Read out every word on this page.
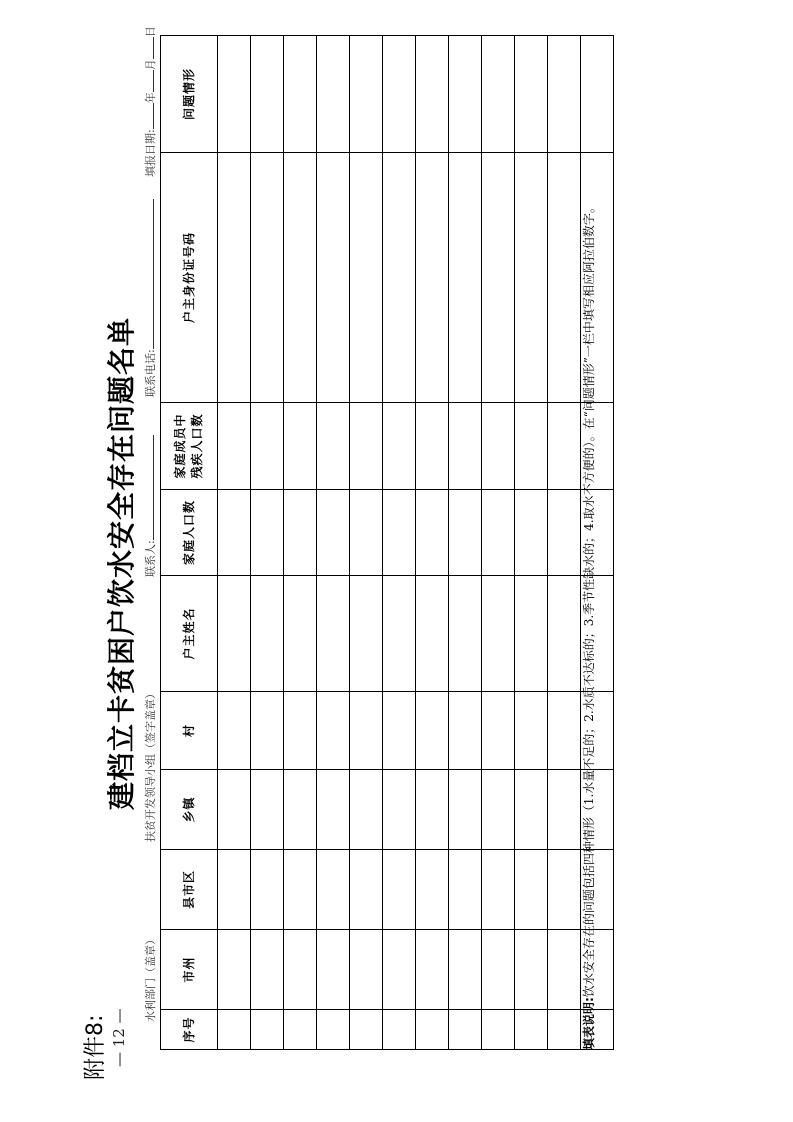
附件8: — 12 —
建档立卡贫困户饮水安全存在问题名单
水利部门（盖章）
扶贫开发领导小组（签字盖章）
联系人:
联系电话:
填报日期:年月日
序号	市州	县市区	乡镇	村	户主姓名	家庭人口数	家庭成员中残疾人口数	户主身份证号码	问题情形

填表说明:饮水安全存在的问题包括四种情形（1.水量不足的；2.水质不达标的；3.季节性缺水的；4.取水不方便的）。在“问题情形”一栏中填写相应阿拉伯数字。
